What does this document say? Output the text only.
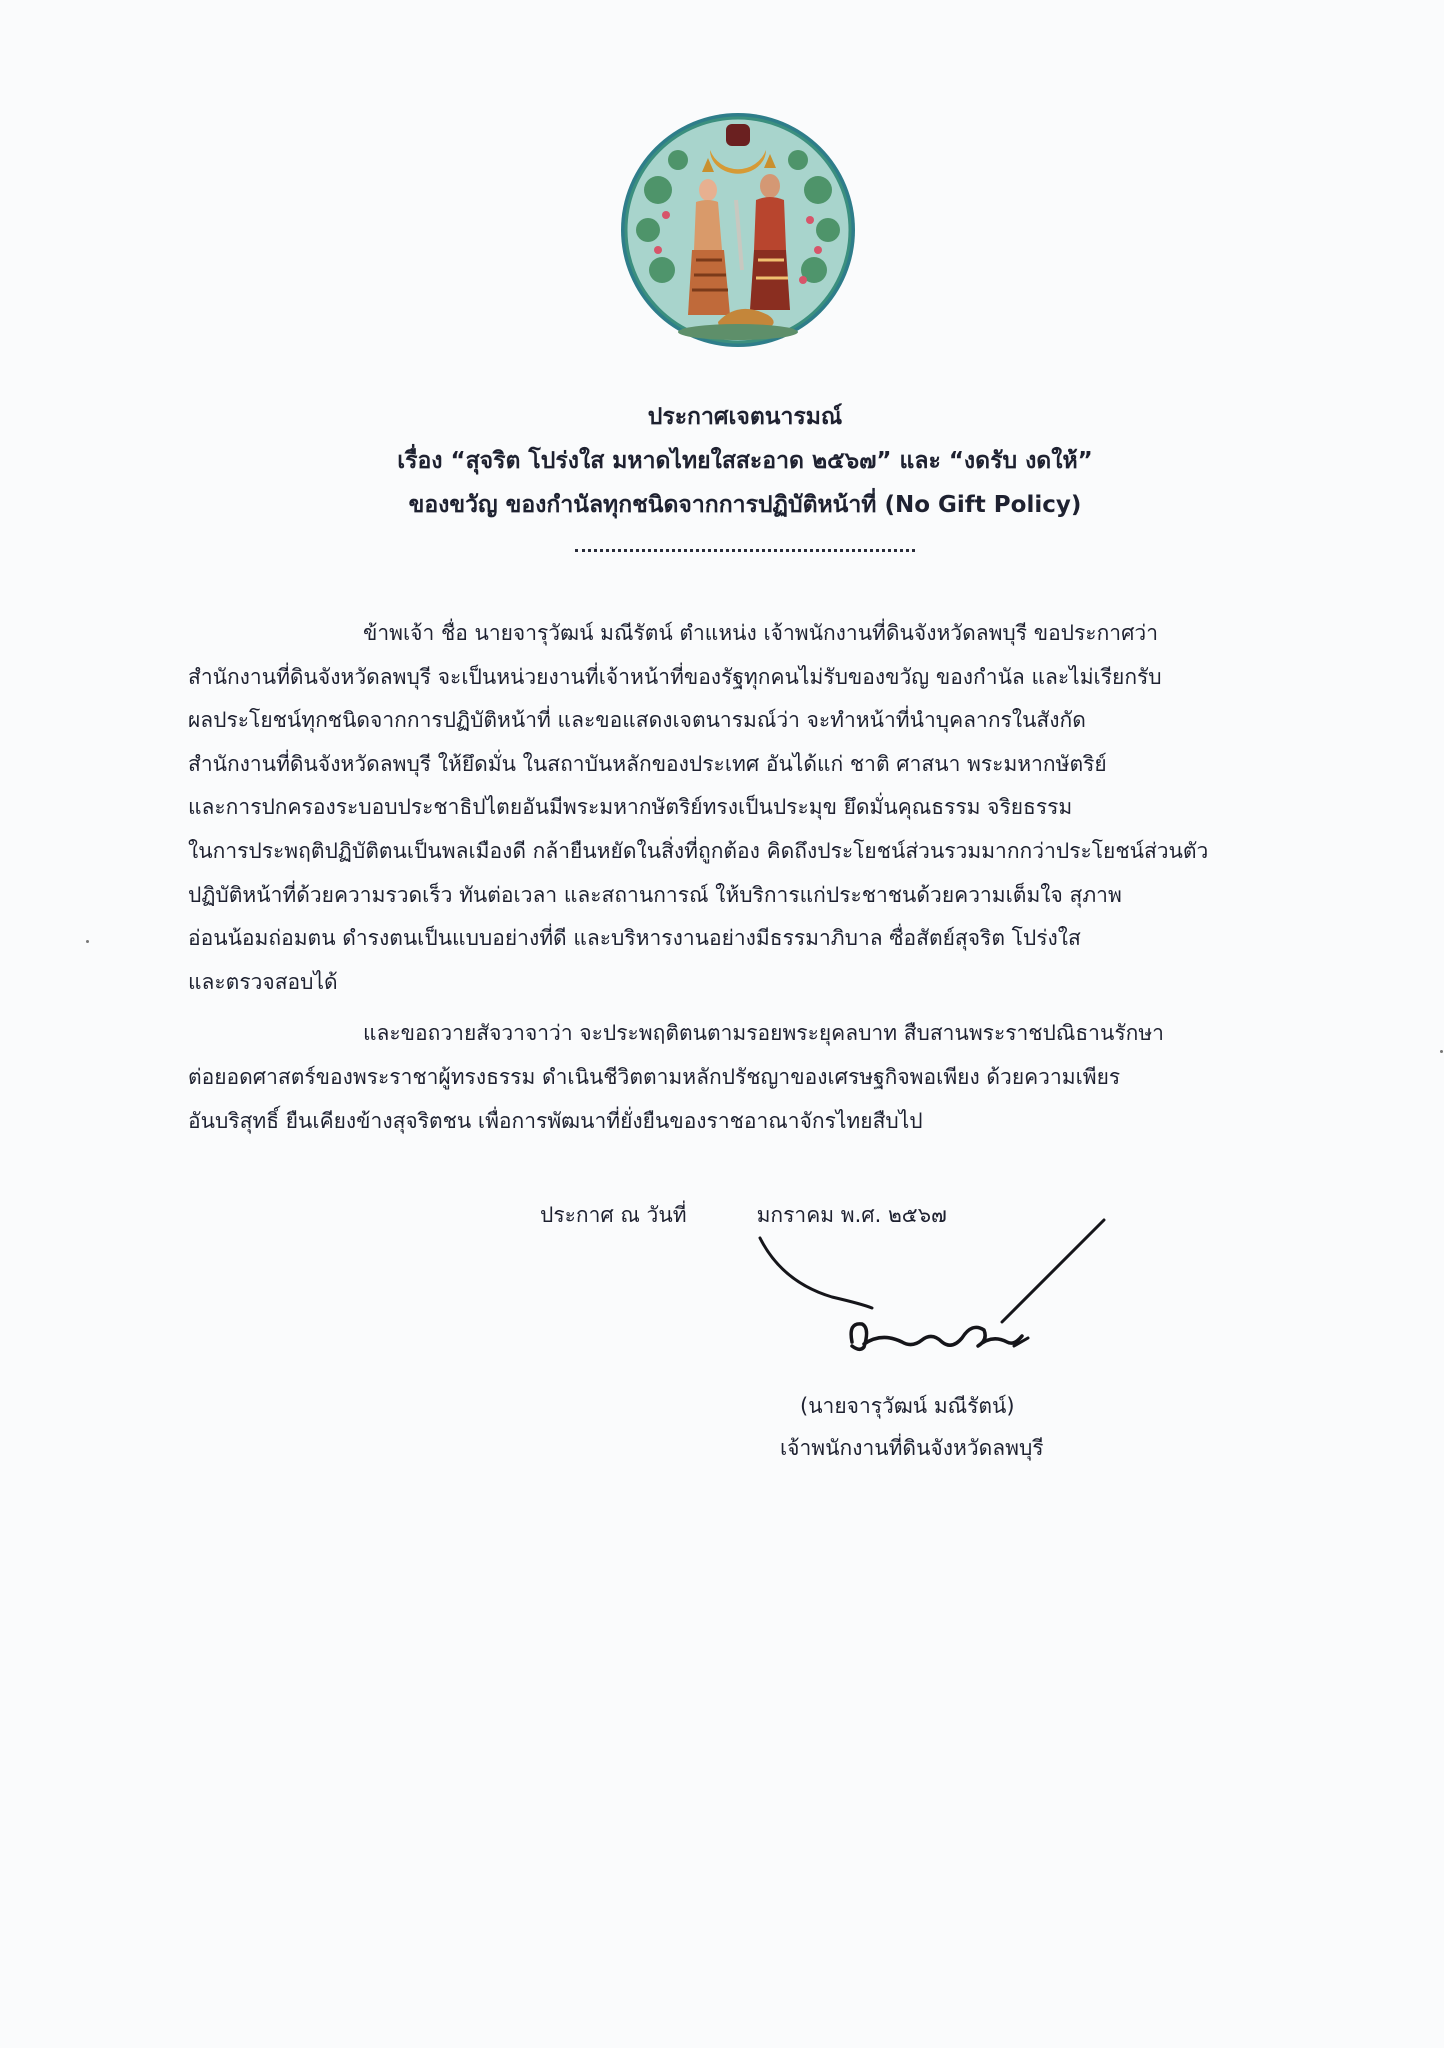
ประกาศเจตนารมณ์
เรื่อง “สุจริต โปร่งใส มหาดไทยใสสะอาด ๒๕๖๗” และ “งดรับ งดให้”
ของขวัญ ของกำนัลทุกชนิดจากการปฏิบัติหน้าที่ (No Gift Policy)
ข้าพเจ้า ชื่อ นายจารุวัฒน์ มณีรัตน์ ตำแหน่ง เจ้าพนักงานที่ดินจังหวัดลพบุรี ขอประกาศว่า
สำนักงานที่ดินจังหวัดลพบุรี จะเป็นหน่วยงานที่เจ้าหน้าที่ของรัฐทุกคนไม่รับของขวัญ ของกำนัล และไม่เรียกรับ
ผลประโยชน์ทุกชนิดจากการปฏิบัติหน้าที่ และขอแสดงเจตนารมณ์ว่า จะทำหน้าที่นำบุคลากรในสังกัด
สำนักงานที่ดินจังหวัดลพบุรี ให้ยึดมั่น ในสถาบันหลักของประเทศ อันได้แก่ ชาติ ศาสนา พระมหากษัตริย์
และการปกครองระบอบประชาธิปไตยอันมีพระมหากษัตริย์ทรงเป็นประมุข ยึดมั่นคุณธรรม จริยธรรม
ในการประพฤติปฏิบัติตนเป็นพลเมืองดี กล้ายืนหยัดในสิ่งที่ถูกต้อง คิดถึงประโยชน์ส่วนรวมมากกว่าประโยชน์ส่วนตัว
ปฏิบัติหน้าที่ด้วยความรวดเร็ว ทันต่อเวลา และสถานการณ์ ให้บริการแก่ประชาชนด้วยความเต็มใจ สุภาพ
อ่อนน้อมถ่อมตน ดำรงตนเป็นแบบอย่างที่ดี และบริหารงานอย่างมีธรรมาภิบาล ซื่อสัตย์สุจริต โปร่งใส
และตรวจสอบได้
และขอถวายสัจวาจาว่า จะประพฤติตนตามรอยพระยุคลบาท สืบสานพระราชปณิธานรักษา
ต่อยอดศาสตร์ของพระราชาผู้ทรงธรรม ดำเนินชีวิตตามหลักปรัชญาของเศรษฐกิจพอเพียง ด้วยความเพียร
อันบริสุทธิ์ ยืนเคียงข้างสุจริตชน เพื่อการพัฒนาที่ยั่งยืนของราชอาณาจักรไทยสืบไป
ประกาศ ณ วันที่	มกราคม พ.ศ. ๒๕๖๗
(นายจารุวัฒน์ มณีรัตน์)
เจ้าพนักงานที่ดินจังหวัดลพบุรี
